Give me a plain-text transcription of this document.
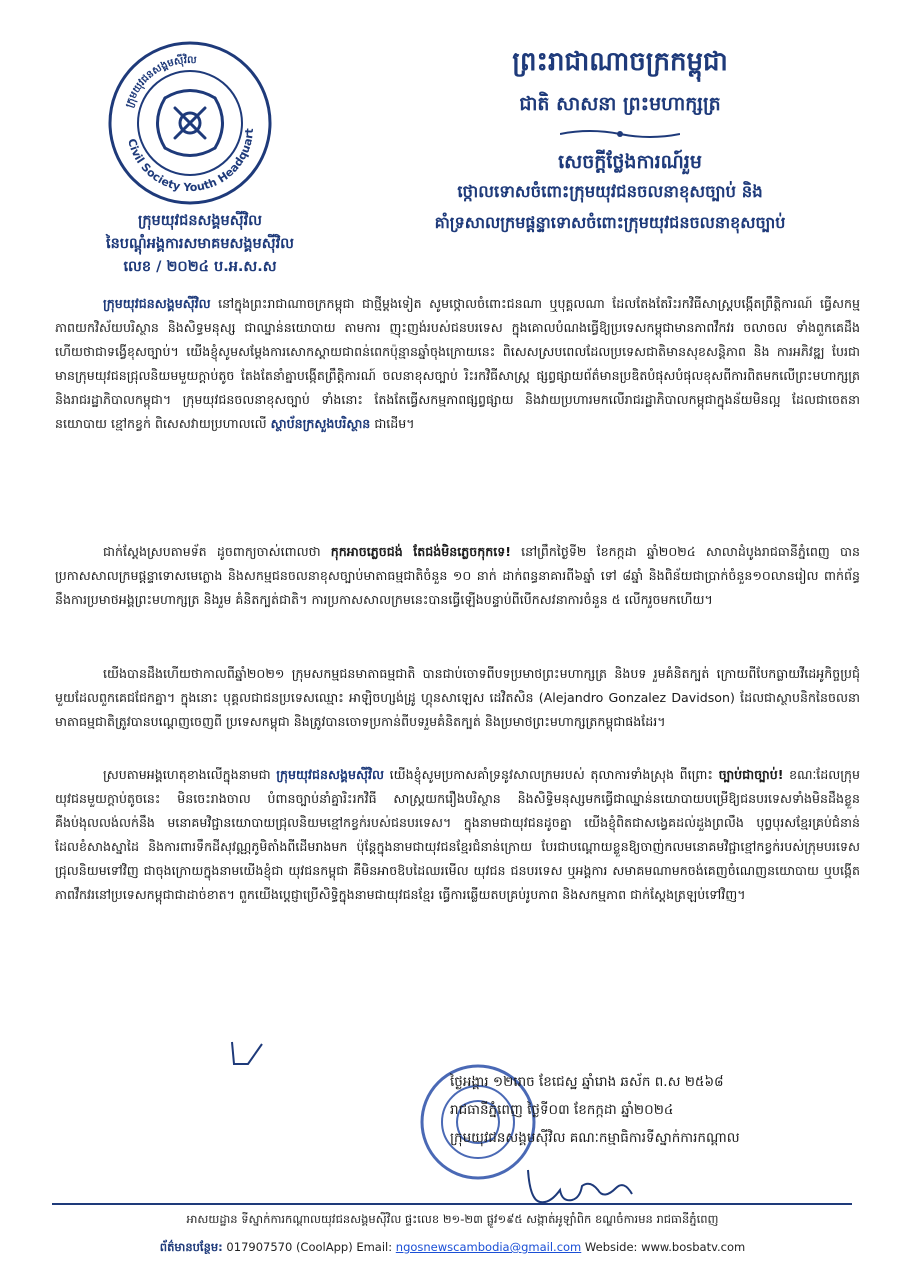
ក្រុមយុវជនសង្គមស៊ីវិល
Civil Society Youth Headquart
ក្រុមយុវជនសង្គមស៊ីវិល
នៃបណ្តុំអង្គការសមាគមសង្គមស៊ីវិល
លេខ / ២០២៤ ប.អ.ស.ស
ព្រះរាជាណាចក្រកម្ពុជា
ជាតិ សាសនា ព្រះមហាក្សត្រ
សេចក្តីថ្លែងការណ៍រួម
ថ្កោលទោសចំពោះក្រុមយុវជនចលនាខុសច្បាប់ និង
គាំទ្រសាលក្រមផ្តន្ទាទោសចំពោះក្រុមយុវជនចលនាខុសច្បាប់

ក្រុមយុវជនសង្គមស៊ីវិល នៅក្នុងព្រះរាជាណាចក្រកម្ពុជា ជាថ្មីម្តងទៀត សូមថ្កោលចំពោះជនណា ឬបុគ្គលណា ដែលតែងតែរិះរកវិធីសាស្រ្តបង្កើតព្រឹត្តិការណ៍ ធ្វើសកម្មភាពយកវិស័យបរិស្ថាន និងសិទ្ធមនុស្ស ជាឈ្នាន់នយោបាយ តាមការ ញុះញង់របស់ជនបរទេស ក្នុងគោលបំណងធ្វើឱ្យប្រទេសកម្ពុជាមានភាពវឹកវរ ចលាចល ទាំងពួកគេដឹងហើយថាជាទង្វើខុសច្បាប់។ យើងខ្ញុំសូមសម្តែងការសោកស្តាយជាពន់ពេកប៉ុន្មានឆ្នាំចុងក្រោយនេះ ពិសេសស្របពេលដែលប្រទេសជាតិមានសុខសន្តិភាព និង ការអភិវឌ្ឍ បែរជាមានក្រុមយុវជនជ្រុលនិយមមួយក្តាប់តូច តែងតែនាំគ្នាបង្កើតព្រឹត្តិការណ៍ ចលនាខុសច្បាប់ រិះរកវិធីសាស្រ្ត ផ្សព្វផ្សាយព័ត៌មានប្រឌិតបំផុសបំផុលខុសពីការពិតមកលើព្រះមហាក្សត្រ និងរាជរដ្ឋាភិបាលកម្ពុជា។ ក្រុមយុវជនចលនាខុសច្បាប់ ទាំងនោះ តែងតែធ្វើសកម្មភាពផ្សព្វផ្សាយ និងវាយប្រហារមកលើរាជរដ្ឋាភិបាលកម្ពុជាក្នុងន័យមិនល្អ ដែលជាចេតនានយោបាយ ខ្មៅកខ្វក់ ពិសេសវាយប្រហាលលើ ស្ថាប័នក្រសួងបរិស្ថាន ជាដើម។

ជាក់ស្តែងស្របតាមទ័ត ដូចពាក្យចាស់ពោលថា កុកអាចភ្លេចជង់ តែជង់មិនភ្លេចកុកទេ! នៅព្រឹកថ្ងៃទី២ ខែកក្កដា ឆ្នាំ២០២៤ សាលាដំបូងរាជធានីភ្នំពេញ បានប្រកាសសាលក្រមផ្តន្ទាទោសមេភ្លោង និងសកម្មជនចលនាខុសច្បាប់មាតាធម្មជាតិចំនួន ១០ នាក់ ដាក់ពន្ធនាគារពី៦ឆ្នាំ ទៅ ៨ឆ្នាំ និងពិន័យជាប្រាក់ចំនួន១០លានរៀល ពាក់ព័ន្ធនឹងការប្រមាថអង្គព្រះមហាក្សត្រ និងរួម គំនិតក្បត់ជាតិ។ ការប្រកាសសាលក្រមនេះបានធ្វើឡើងបន្ទាប់ពីបើកសវនាការចំនួន ៥ លើករួចមកហើយ។

យើងបានដឹងហើយថាកាលពីឆ្នាំ២០២១ ក្រុមសកម្មជនមាតាធម្មជាតិ បានជាប់ចោទពីបទប្រមាថព្រះមហាក្សត្រ និងបទ រួមគំនិតក្បត់ ក្រោយពីបែកធ្លាយវីដេអូកិច្ចប្រជុំមួយដែលពួកគេជជែកគ្នា។ ក្នុងនោះ បុគ្គលជាជនប្រទេសឈ្មោះ អាឡិចហ្សង់ដ្រូ ហ្គុនសាឡេស ដេវិតសិន (Alejandro Gonzalez Davidson) ដែលជាស្ថាបនិកនៃចលនាមាតាធម្មជាតិត្រូវបានបណ្តេញចេញពី ប្រទេសកម្ពុជា និងត្រូវបានចោទប្រកាន់ពីបទរួមគំនិតក្បត់ និងប្រមាថព្រះមហាក្សត្រកម្ពុជាផងដែរ។

ស្របតាមអង្គហេតុខាងលើក្នុងនាមជា ក្រុមយុវជនសង្គមស៊ីវិល យើងខ្ញុំសូមប្រកាសគាំទ្រនូវសាលក្រមរបស់ តុលាការទាំងស្រុង ពីព្រោះ ច្បាប់ជាច្បាប់! ខណៈដែលក្រុមយុវជនមួយក្តាប់តូចនេះ មិនចេះរាងចាល បំពានច្បាប់នាំគ្នារិះរកវិធី សាស្រ្តយករឿងបរិស្ថាន និងសិទ្ធិមនុស្សមកធ្វើជាឈ្នាន់នយោបាយបម្រើឱ្យជនបរទេសទាំងមិនដឹងខ្លួន គឺងប់ងុលលង់លក់នឹង មនោគមវិជ្ជានយោបាយជ្រុលនិយមខ្មៅកខ្វក់របស់ជនបរទេស។ ក្នុងនាមជាយុវជនដូចគ្នា យើងខ្ញុំពិតជាសង្វេគដល់ដួងព្រលឹង បុព្វបុរសខ្មែរគ្រប់ជំនាន់ដែលខំសាងស្នាដៃ និងការពារទឹកដីសុវណ្ណភូមិតាំងពីដើមរាងមក ប៉ុន្តែក្នុងនាមជាយុវជនខ្មែរជំនាន់ក្រោយ បែរជាបណ្តោយខ្លួនឱ្យចាញ់កលមនោគមវិជ្ជាខ្មៅកខ្វក់របស់ក្រុមបរទេសជ្រុលនិយមទៅវិញ ជាចុងក្រោយក្នុងនាមយើងខ្ញុំជា យុវជនកម្ពុជា គឺមិនអាចឱបដៃឈរមើល យុវជន ជនបរទេស ឬអង្គការ សមាគមណាមកចង់គេញចំណេញនយោបាយ ឬបង្កើត ភាពវឹកវរនៅប្រទេសកម្ពុជាជាដាច់ខាត។ ពួកយើងប្តេជ្ញាប្រើសិទ្ធិក្នុងនាមជាយុវជនខ្មែរ ធ្វើការឆ្លើយតបគ្រប់រូបភាព និងសកម្មភាព ជាក់ស្តែងត្រឡប់ទៅវិញ។

ថ្ងៃអង្គារ ១២រោច ខែជេស្ឋ ឆ្នាំរោង ឆស័ក ព.ស ២៥៦៨
រាជធានីភ្នំពេញ ថ្ងៃទី០៣ ខែកក្កដា ឆ្នាំ២០២៤
ក្រុមយុវជនសង្គមស៊ីវិល គណៈកម្មាធិការទីស្នាក់ការកណ្តាល
អាសយដ្ឋាន ទីស្នាក់ការកណ្តាលយុវជនសង្គមស៊ីវិល ផ្ទះលេខ ២១-២៣ ផ្លូវ១៩៥ សង្កាត់អូឡាំពិក ខណ្ឌចំការមន រាជធានីភ្នំពេញ
ព័ត៌មានបន្ថែម: 017907570 (CoolApp) Email: ngosnewscambodia@gmail.com Webside: www.bosbatv.com
